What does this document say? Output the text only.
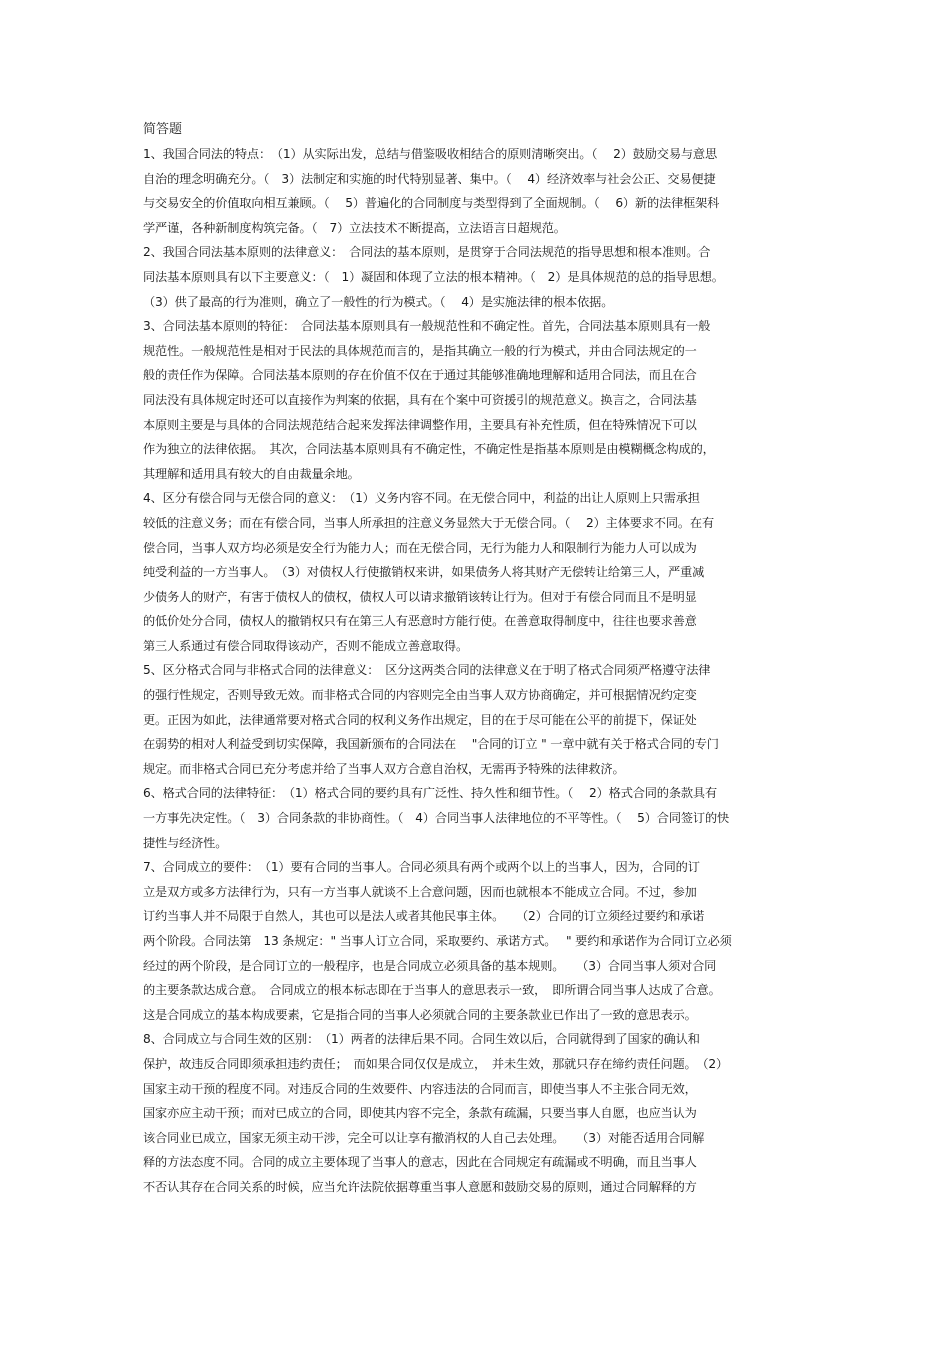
简答题
1、我国合同法的特点：　（1）从实际出发，总结与借鉴吸收相结合的原则清晰突出。（　 2）鼓励交易与意思
自治的理念明确充分。（　3）法制定和实施的时代特别显著、集中。（　 4）经济效率与社会公正、交易便捷
与交易安全的价值取向相互兼顾。（　 5）普遍化的合同制度与类型得到了全面规制。（　 6）新的法律框架科
学严谨，各种新制度构筑完备。（　7）立法技术不断提高，立法语言日超规范。
2、我国合同法基本原则的法律意义：　合同法的基本原则，是贯穿于合同法规范的指导思想和根本准则。合
同法基本原则具有以下主要意义：（　1）凝固和体现了立法的根本精神。（　2）是具体规范的总的指导思想。
（3）供了最高的行为准则，确立了一般性的行为模式。（　 4）是实施法律的根本依据。
3、合同法基本原则的特征：　合同法基本原则具有一般规范性和不确定性。首先，合同法基本原则具有一般
规范性。一般规范性是相对于民法的具体规范而言的，是指其确立一般的行为模式，并由合同法规定的一
般的责任作为保障。合同法基本原则的存在价值不仅在于通过其能够准确地理解和适用合同法，而且在合
同法没有具体规定时还可以直接作为判案的依据，具有在个案中可资援引的规范意义。换言之，合同法基
本原则主要是与具体的合同法规范结合起来发挥法律调整作用，主要具有补充性质，但在特殊情况下可以
作为独立的法律依据。　其次，合同法基本原则具有不确定性，不确定性是指基本原则是由模糊概念构成的，
其理解和适用具有较大的自由裁量余地。
4、区分有偿合同与无偿合同的意义：　（1）义务内容不同。在无偿合同中，利益的出让人原则上只需承担
较低的注意义务；而在有偿合同，当事人所承担的注意义务显然大于无偿合同。（　 2）主体要求不同。在有
偿合同，当事人双方均必须是安全行为能力人；而在无偿合同，无行为能力人和限制行为能力人可以成为
纯受利益的一方当事人。　（3）对债权人行使撤销权来讲，如果债务人将其财产无偿转让给第三人，严重减
少债务人的财产，有害于债权人的债权，债权人可以请求撤销该转让行为。但对于有偿合同而且不是明显
的低价处分合同，债权人的撤销权只有在第三人有恶意时方能行使。在善意取得制度中，往往也要求善意
第三人系通过有偿合同取得该动产，否则不能成立善意取得。
5、区分格式合同与非格式合同的法律意义：　区分这两类合同的法律意义在于明了格式合同须严格遵守法律
的强行性规定，否则导致无效。而非格式合同的内容则完全由当事人双方协商确定，并可根据情况约定变
更。正因为如此，法律通常要对格式合同的权利义务作出规定，目的在于尽可能在公平的前提下，保证处
在弱势的相对人利益受到切实保障，我国新颁布的合同法在　 "合同的订立 " 一章中就有关于格式合同的专门
规定。而非格式合同已充分考虑并给了当事人双方合意自治权，无需再予特殊的法律救济。
6、格式合同的法律特征：　（1）格式合同的要约具有广泛性、持久性和细节性。（　 2）格式合同的条款具有
一方事先决定性。（　3）合同条款的非协商性。（　4）合同当事人法律地位的不平等性。（　 5）合同签订的快
捷性与经济性。
7、合同成立的要件：　（1）要有合同的当事人。合同必须具有两个或两个以上的当事人，因为，合同的订
立是双方或多方法律行为，只有一方当事人就谈不上合意问题，因而也就根本不能成立合同。不过，参加
订约当事人并不局限于自然人，其也可以是法人或者其他民事主体。　　（2）合同的订立须经过要约和承诺
两个阶段。合同法第　13 条规定：" 当事人订立合同，采取要约、承诺方式。　 " 要约和承诺作为合同订立必须
经过的两个阶段，是合同订立的一般程序，也是合同成立必须具备的基本规则。　　（3）合同当事人须对合同
的主要条款达成合意。　合同成立的根本标志即在于当事人的意思表示一致，　即所谓合同当事人达成了合意。
这是合同成立的基本构成要素，它是指合同的当事人必须就合同的主要条款业已作出了一致的意思表示。
8、合同成立与合同生效的区别：　（1）两者的法律后果不同。合同生效以后，合同就得到了国家的确认和
保护，故违反合同即须承担违约责任；　而如果合同仅仅是成立，　并未生效，那就只存在缔约责任问题。　（2）
国家主动干预的程度不同。对违反合同的生效要件、内容违法的合同而言，即使当事人不主张合同无效，
国家亦应主动干预；而对已成立的合同，即使其内容不完全，条款有疏漏，只要当事人自愿，也应当认为
该合同业已成立，国家无须主动干涉，完全可以让享有撤消权的人自己去处理。　　（3）对能否适用合同解
释的方法态度不同。合同的成立主要体现了当事人的意志，因此在合同规定有疏漏或不明确，而且当事人
不否认其存在合同关系的时候，应当允许法院依据尊重当事人意愿和鼓励交易的原则，通过合同解释的方
